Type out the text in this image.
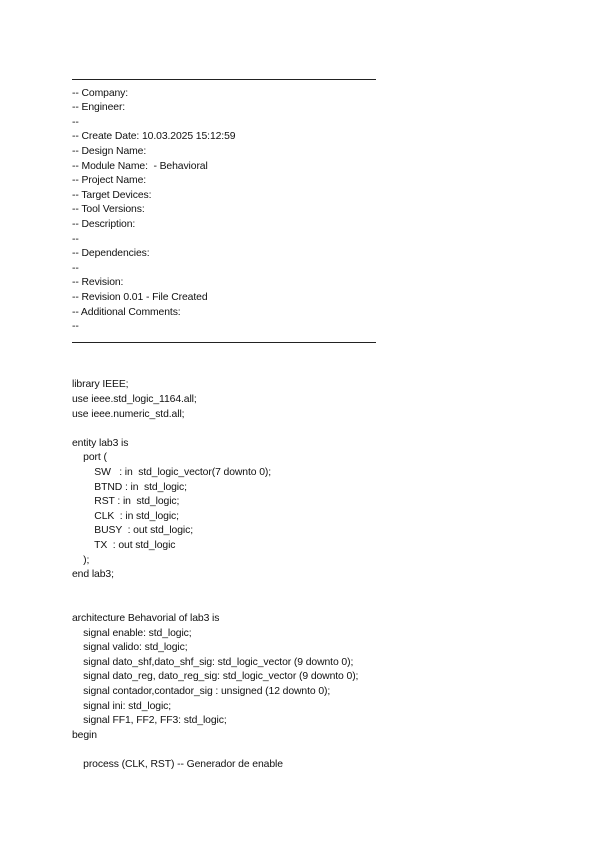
-- Company:
-- Engineer:
--
-- Create Date: 10.03.2025 15:12:59
-- Design Name:
-- Module Name:  - Behavioral
-- Project Name:
-- Target Devices:
-- Tool Versions:
-- Description:
--
-- Dependencies:
--
-- Revision:
-- Revision 0.01 - File Created
-- Additional Comments:
--
library IEEE;
use ieee.std_logic_1164.all;
use ieee.numeric_std.all;
entity lab3 is
port (
SW   : in  std_logic_vector(7 downto 0);
BTND : in  std_logic;
RST : in  std_logic;
CLK  : in std_logic;
BUSY  : out std_logic;
TX  : out std_logic
);
end lab3;
architecture Behavorial of lab3 is
signal enable: std_logic;
signal valido: std_logic;
signal dato_shf,dato_shf_sig: std_logic_vector (9 downto 0);
signal dato_reg, dato_reg_sig: std_logic_vector (9 downto 0);
signal contador,contador_sig : unsigned (12 downto 0);
signal ini: std_logic;
signal FF1, FF2, FF3: std_logic;
begin
process (CLK, RST) -- Generador de enable
